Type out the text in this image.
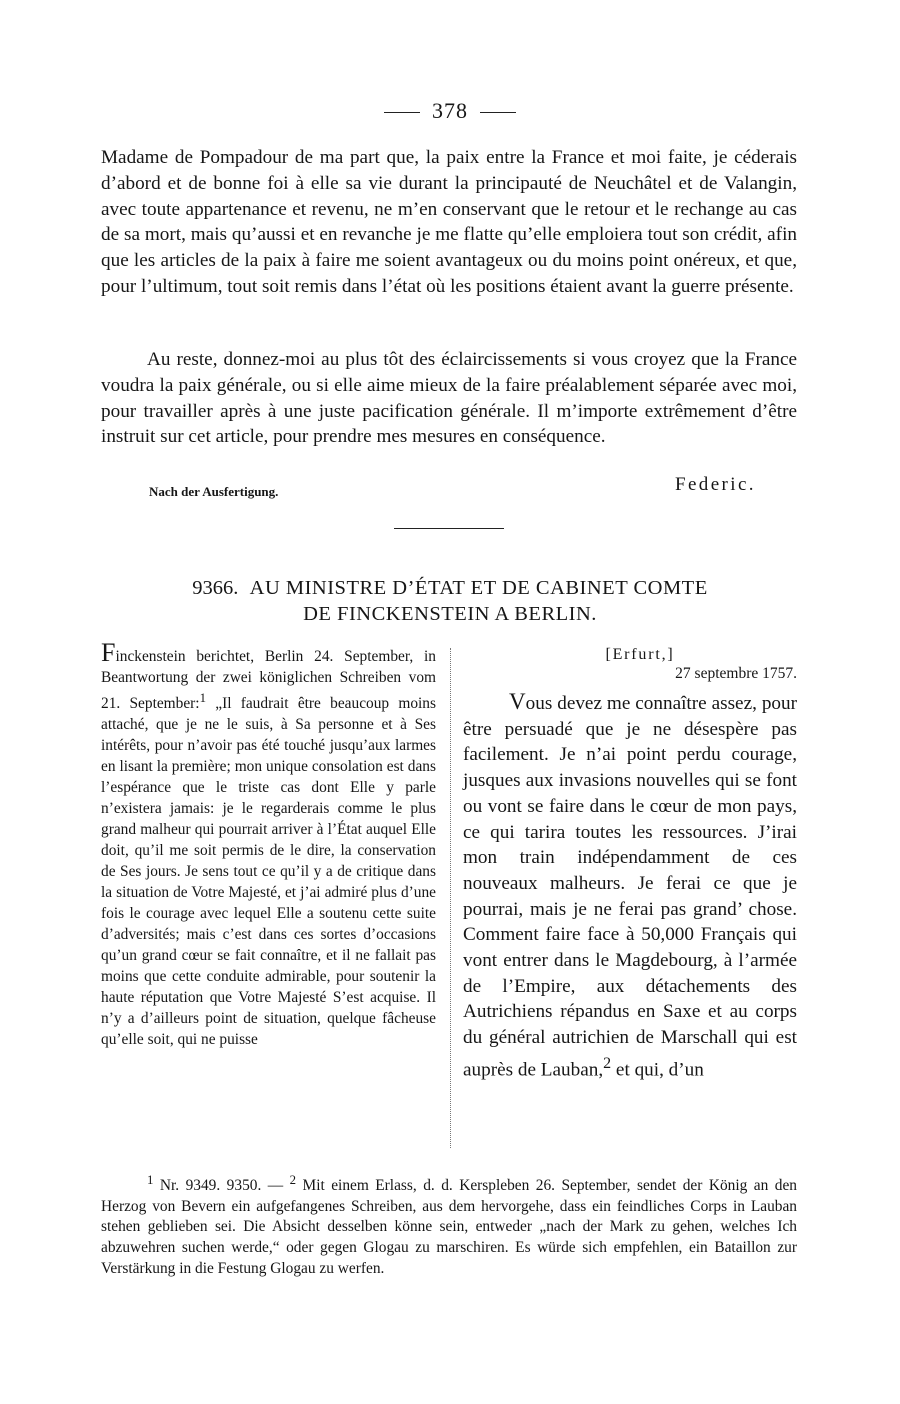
378

Madame de Pompadour de ma part que, la paix entre la France et moi faite, je céderais d’abord et de bonne foi à elle sa vie durant la principauté de Neuchâtel et de Valangin, avec toute appartenance et revenu, ne m’en conservant que le retour et le rechange au cas de sa mort, mais qu’aussi et en revanche je me flatte qu’elle emploiera tout son crédit, afin que les articles de la paix à faire me soient avantageux ou du moins point onéreux, et que, pour l’ultimum, tout soit remis dans l’état où les positions étaient avant la guerre présente.

Au reste, donnez-moi au plus tôt des éclaircissements si vous croyez que la France voudra la paix générale, ou si elle aime mieux de la faire préalablement séparée avec moi, pour travailler après à une juste pacification générale. Il m’importe extrêmement d’être instruit sur cet article, pour prendre mes mesures en conséquence.

Nach der Ausfertigung.	Federic.
9366. AU MINISTRE D’ÉTAT ET DE CABINET COMTE
DE FINCKENSTEIN A BERLIN.
Finckenstein berichtet, Berlin 24. September, in Beantwortung der zwei königlichen Schreiben vom 21. September:$^1$ „Il faudrait être beaucoup moins attaché, que je ne le suis, à Sa personne et à Ses intérêts, pour n’avoir pas été touché jusqu’aux larmes en lisant la première; mon unique consolation est dans l’espérance que le triste cas dont Elle y parle n’existera jamais: je le regarderais comme le plus grand malheur qui pourrait arriver à l’État auquel Elle doit, qu’il me soit permis de le dire, la conservation de Ses jours. Je sens tout ce qu’il y a de critique dans la situation de Votre Majesté, et j’ai admiré plus d’une fois le courage avec lequel Elle a soutenu cette suite d’adversités; mais c’est dans ces sortes d’occasions qu’un grand cœur se fait connaître, et il ne fallait pas moins que cette conduite admirable, pour soutenir la haute réputation que Votre Majesté S’est acquise. Il n’y a d’ailleurs point de situation, quelque fâcheuse qu’elle soit, qui ne puisse
[Erfurt,]
27 septembre 1757.
Vous devez me connaître assez, pour être persuadé que je ne désespère pas facilement. Je n’ai point perdu courage, jusques aux invasions nouvelles qui se font ou vont se faire dans le cœur de mon pays, ce qui tarira toutes les ressources. J’irai mon train indépendamment de ces nouveaux malheurs. Je ferai ce que je pourrai, mais je ne ferai pas grand’ chose. Comment faire face à 50,000 Français qui vont entrer dans le Magdebourg, à l’armée de l’Empire, aux détachements des Autrichiens répandus en Saxe et au corps du général autrichien de Marschall qui est auprès de Lauban,$^2$ et qui, d’un

$^1$ Nr. 9349. 9350. — $^2$ Mit einem Erlass, d. d. Kerspleben 26. September, sendet der König an den Herzog von Bevern ein aufgefangenes Schreiben, aus dem hervorgehe, dass ein feindliches Corps in Lauban stehen geblieben sei. Die Absicht desselben könne sein, entweder „nach der Mark zu gehen, welches Ich abzuwehren suchen werde,“ oder gegen Glogau zu marschiren. Es würde sich empfehlen, ein Bataillon zur Verstärkung in die Festung Glogau zu werfen.
